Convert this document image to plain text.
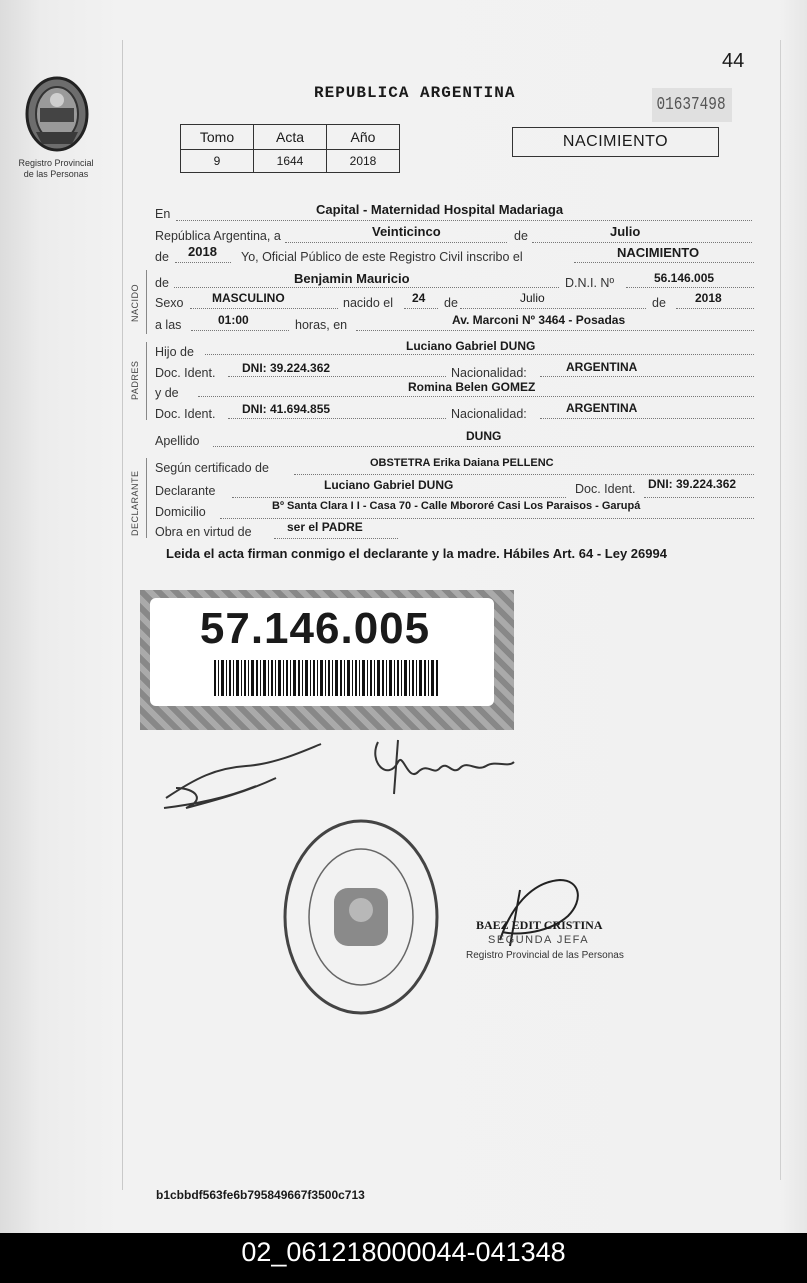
Registro Provincial
de las Personas
44
REPUBLICA ARGENTINA
01637498
Tomo	Acta	Año
9	1644	2018
NACIMIENTO
NACIDO
PADRES
DECLARANTE
En	Capital - Maternidad Hospital Madariaga
República Argentina, a	Veinticinco	de	Julio
de 2018 Yo, Oficial Público de este Registro Civil inscribo el	NACIMIENTO
de	Benjamin Mauricio	D.N.I. Nº	56.146.005
Sexo MASCULINO	nacido el 24 de	Julio	de 2018
a las	01:00	horas, en	Av. Marconi Nº 3464 - Posadas
Hijo de	Luciano Gabriel DUNG
Doc. Ident. DNI: 39.224.362	Nacionalidad:	ARGENTINA
y de	Romina Belen GOMEZ
Doc. Ident. DNI: 41.694.855	Nacionalidad:	ARGENTINA
Apellido	DUNG
Según certificado de	OBSTETRA Erika Daiana PELLENC
Declarante	Luciano Gabriel DUNG	Doc. Ident. DNI: 39.224.362
Domicilio	Bº Santa Clara I I - Casa 70 - Calle Mbororé Casi Los Paraisos - Garupá
Obra en virtud de	ser el PADRE
Leida el acta firman conmigo el declarante y la madre. Hábiles Art. 64 - Ley 26994
57.146.005
BAEZ EDIT CRISTINA
SEGUNDA JEFA
Registro Provincial de las Personas
b1cbbdf563fe6b795849667f3500c713
02_061218000044-041348
